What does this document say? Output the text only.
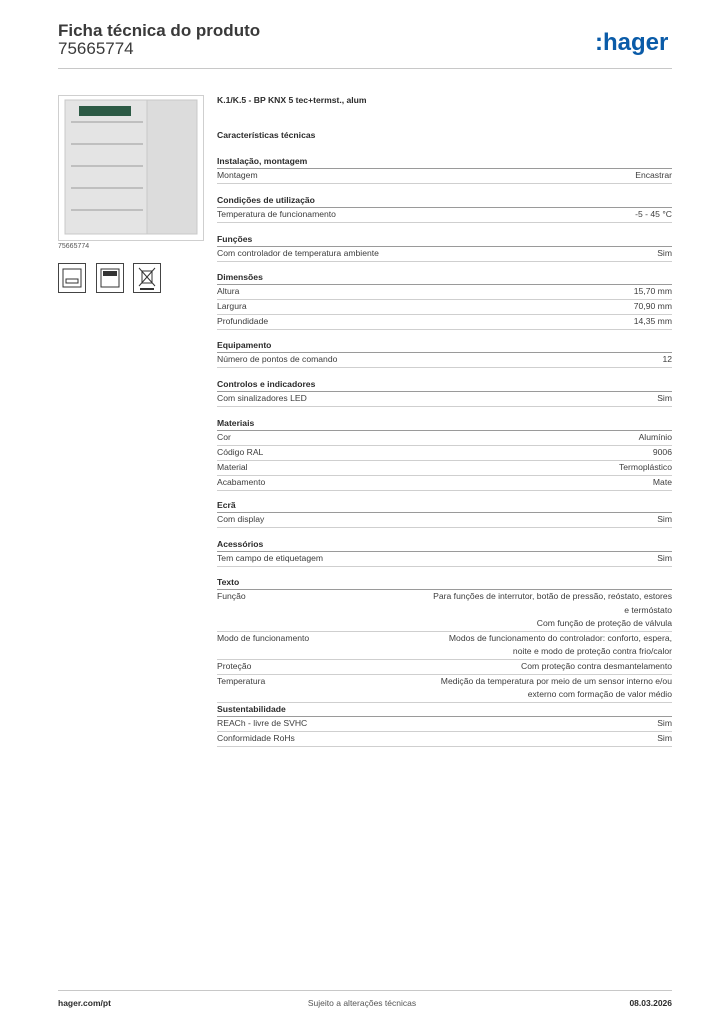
Ficha técnica do produto
75665774	:hager
75665774
K.1/K.5 - BP KNX 5 tec+termst., alum
Características técnicas
Instalação, montagem
Montagem	Encastrar
Condições de utilização
Temperatura de funcionamento	-5 - 45 °C
Funções
Com controlador de temperatura ambiente	Sim
Dimensões
Altura	15,70 mm
Largura	70,90 mm
Profundidade	14,35 mm
Equipamento
Número de pontos de comando	12
Controlos e indicadores
Com sinalizadores LED	Sim
Materiais
Cor	Alumínio
Código RAL	9006
Material	Termoplástico
Acabamento	Mate
Ecrã
Com display	Sim
Acessórios
Tem campo de etiquetagem	Sim
Texto
Função	Para funções de interrutor, botão de pressão, reóstato, estores
e termóstato
Com função de proteção de válvula
Modo de funcionamento	Modos de funcionamento do controlador: conforto, espera,
noite e modo de proteção contra frio/calor
Proteção	Com proteção contra desmantelamento
Temperatura	Medição da temperatura por meio de um sensor interno e/ou
externo com formação de valor médio
Sustentabilidade
REACh - livre de SVHC	Sim
Conformidade RoHs	Sim
hager.com/pt	Sujeito a alterações técnicas	08.03.2026
